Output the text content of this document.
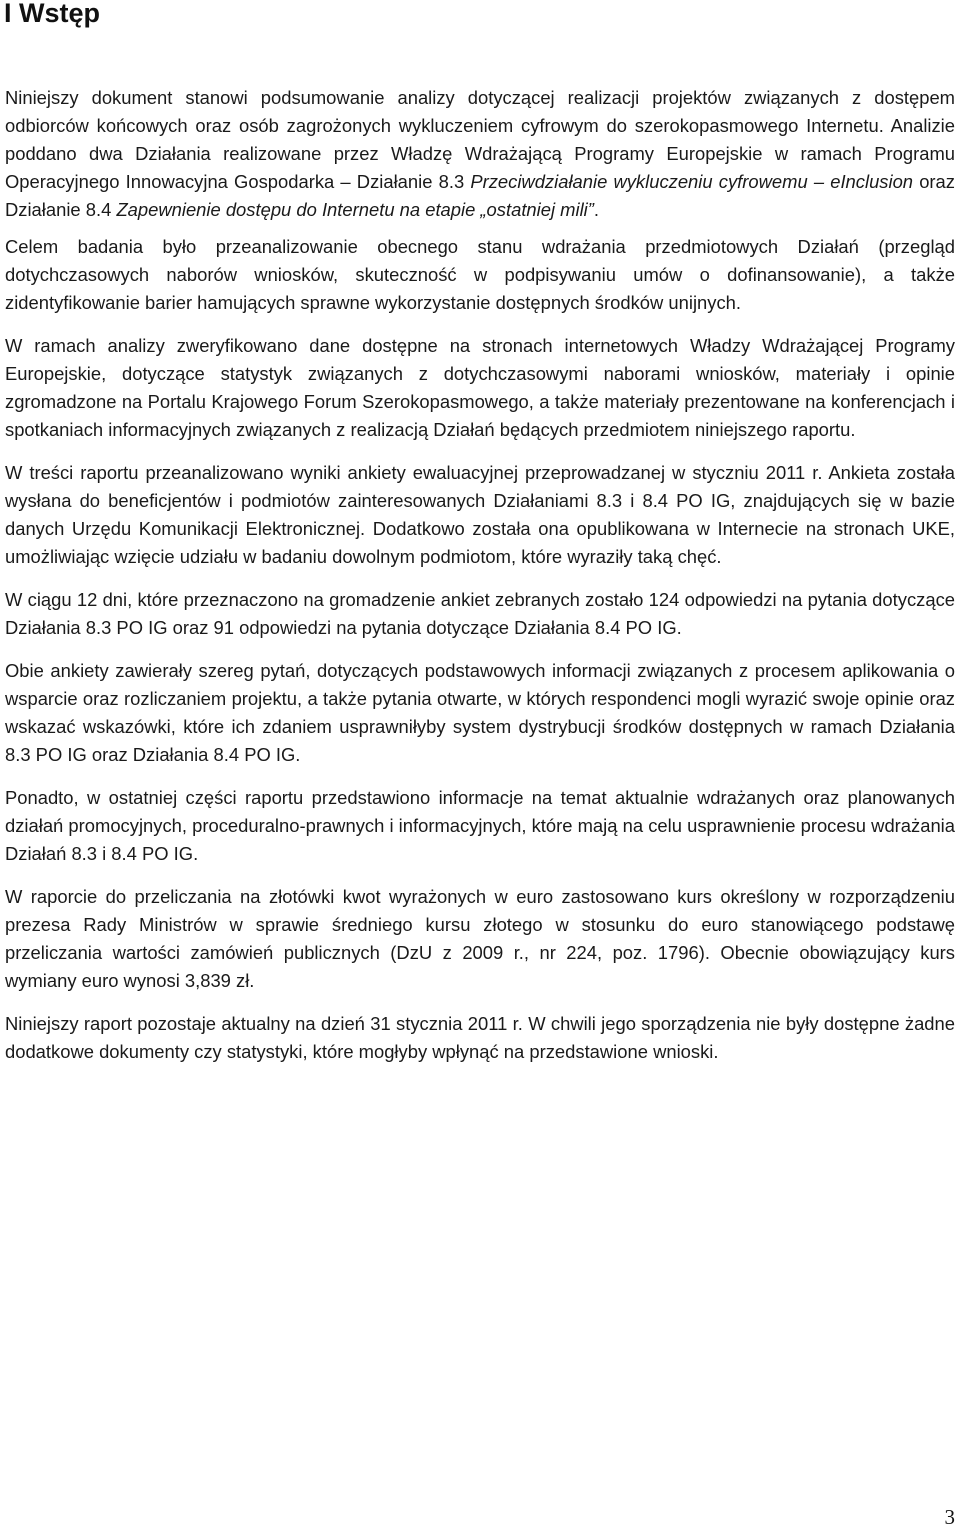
I Wstęp

Niniejszy dokument stanowi podsumowanie analizy dotyczącej realizacji projektów związanych z dostępem odbiorców końcowych oraz osób zagrożonych wykluczeniem cyfrowym do szerokopasmowego Internetu. Analizie poddano dwa Działania realizowane przez Władzę Wdrażającą Programy Europejskie w ramach Programu Operacyjnego Innowacyjna Gospodarka – Działanie 8.3 Przeciwdziałanie wykluczeniu cyfrowemu – eInclusion oraz Działanie 8.4 Zapewnienie dostępu do Internetu na etapie „ostatniej mili”.

Celem badania było przeanalizowanie obecnego stanu wdrażania przedmiotowych Działań (przegląd dotychczasowych naborów wniosków, skuteczność w podpisywaniu umów o dofinansowanie), a także zidentyfikowanie barier hamujących sprawne wykorzystanie dostępnych środków unijnych.

W ramach analizy zweryfikowano dane dostępne na stronach internetowych Władzy Wdrażającej Programy Europejskie, dotyczące statystyk związanych z dotychczasowymi naborami wniosków, materiały i opinie zgromadzone na Portalu Krajowego Forum Szerokopasmowego, a także materiały prezentowane na konferencjach i spotkaniach informacyjnych związanych z realizacją Działań będących przedmiotem niniejszego raportu.

W treści raportu przeanalizowano wyniki ankiety ewaluacyjnej przeprowadzanej w styczniu 2011 r. Ankieta została wysłana do beneficjentów i podmiotów zainteresowanych Działaniami 8.3 i 8.4 PO IG, znajdujących się w bazie danych Urzędu Komunikacji Elektronicznej. Dodatkowo została ona opublikowana w Internecie na stronach UKE, umożliwiając wzięcie udziału w badaniu dowolnym podmiotom, które wyraziły taką chęć.

W ciągu 12 dni, które przeznaczono na gromadzenie ankiet zebranych zostało 124 odpowiedzi na pytania dotyczące Działania 8.3 PO IG oraz 91 odpowiedzi na pytania dotyczące Działania 8.4 PO IG.

Obie ankiety zawierały szereg pytań, dotyczących podstawowych informacji związanych z procesem aplikowania o wsparcie oraz rozliczaniem projektu, a także pytania otwarte, w których respondenci mogli wyrazić swoje opinie oraz wskazać wskazówki, które ich zdaniem usprawniłyby system dystrybucji środków dostępnych w ramach Działania 8.3 PO IG oraz Działania 8.4 PO IG.

Ponadto, w ostatniej części raportu przedstawiono informacje na temat aktualnie wdrażanych oraz planowanych działań promocyjnych, proceduralno-prawnych i informacyjnych, które mają na celu usprawnienie procesu wdrażania Działań 8.3 i 8.4 PO IG.

W raporcie do przeliczania na złotówki kwot wyrażonych w euro zastosowano kurs określony w rozporządzeniu prezesa Rady Ministrów w sprawie średniego kursu złotego w stosunku do euro stanowiącego podstawę przeliczania wartości zamówień publicznych (DzU z 2009 r., nr 224, poz. 1796). Obecnie obowiązujący kurs wymiany euro wynosi 3,839 zł.

Niniejszy raport pozostaje aktualny na dzień 31 stycznia 2011 r. W chwili jego sporządzenia nie były dostępne żadne dodatkowe dokumenty czy statystyki, które mogłyby wpłynąć na przedstawione wnioski.

3
